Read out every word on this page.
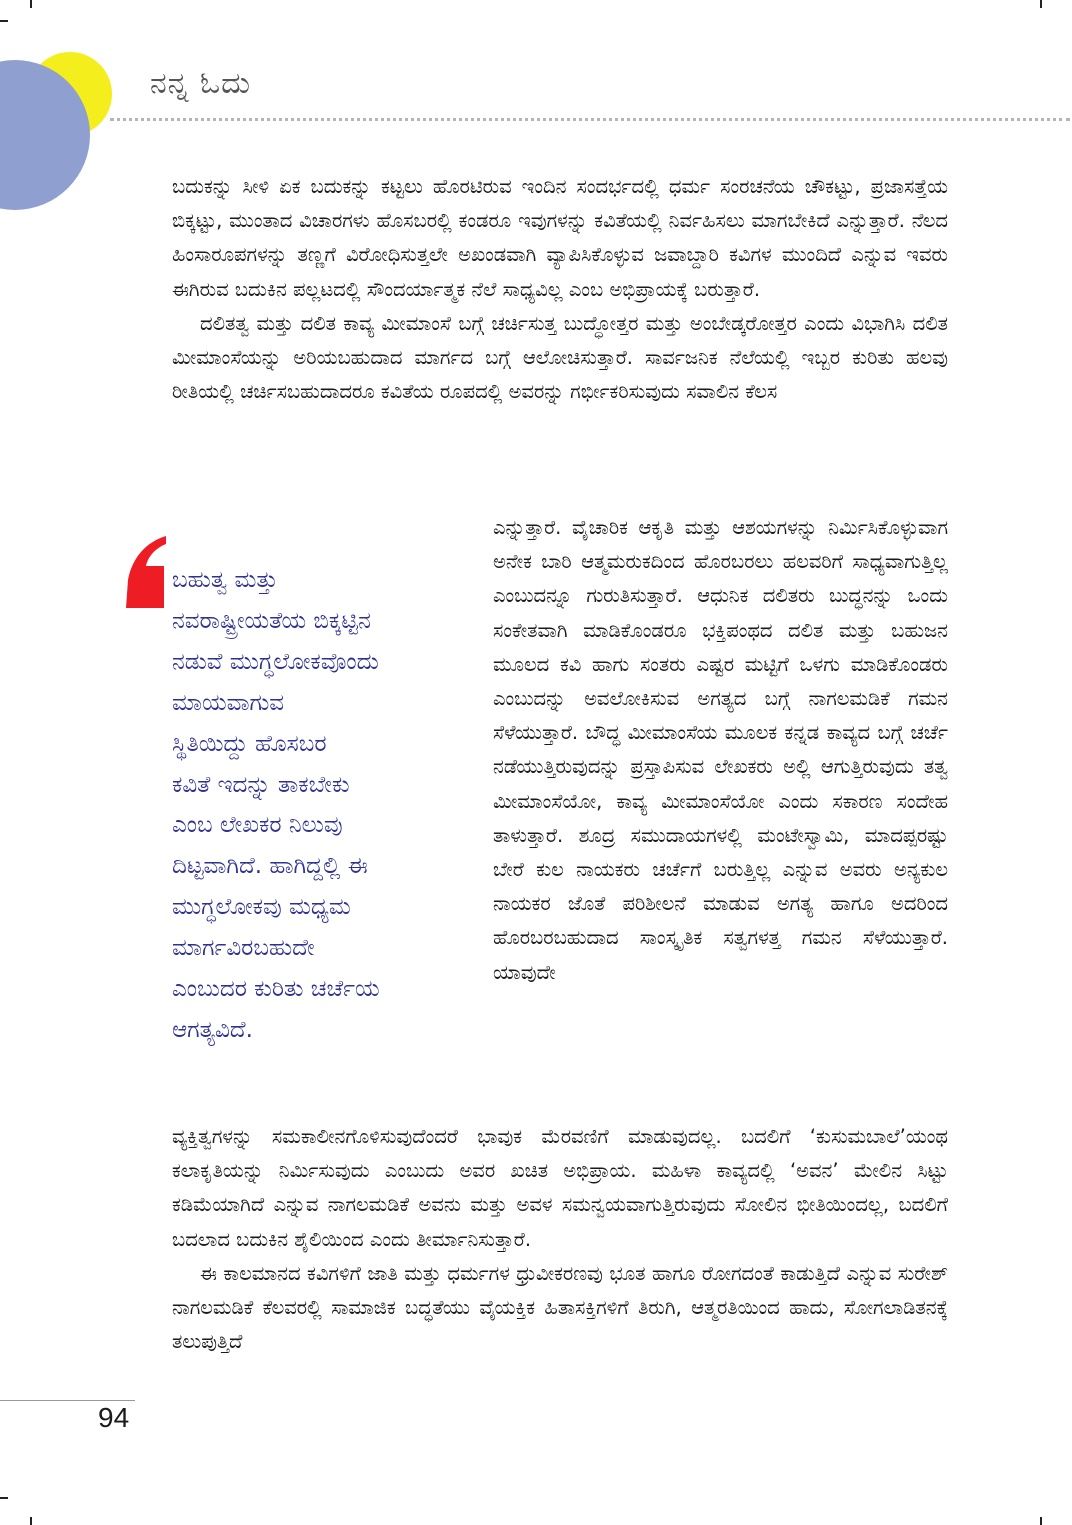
ನನ್ನ ಓದು

ಬದುಕನ್ನು ಸೀಳಿ ಏಕ ಬದುಕನ್ನು ಕಟ್ಟಲು ಹೊರಟಿರುವ ಇಂದಿನ ಸಂದರ್ಭದಲ್ಲಿ ಧರ್ಮ ಸಂರಚನೆಯ ಚೌಕಟ್ಟು, ಪ್ರಜಾಸತ್ತೆಯ ಬಿಕ್ಕಟ್ಟು, ಮುಂತಾದ ವಿಚಾರಗಳು ಹೊಸಬರಲ್ಲಿ ಕಂಡರೂ ಇವುಗಳನ್ನು ಕವಿತೆಯಲ್ಲಿ ನಿರ್ವಹಿಸಲು ಮಾಗಬೇಕಿದೆ ಎನ್ನುತ್ತಾರೆ. ನೆಲದ ಹಿಂಸಾರೂಪಗಳನ್ನು ತಣ್ಣಗೆ ವಿರೋಧಿಸುತ್ತಲೇ ಅಖಂಡವಾಗಿ ವ್ಯಾಪಿಸಿಕೊಳ್ಳುವ ಜವಾಬ್ದಾರಿ ಕವಿಗಳ ಮುಂದಿದೆ ಎನ್ನುವ ಇವರು ಈಗಿರುವ ಬದುಕಿನ ಪಲ್ಲಟದಲ್ಲಿ ಸೌಂದರ್ಯಾತ್ಮಕ ನೆಲೆ ಸಾಧ್ಯವಿಲ್ಲ ಎಂಬ ಅಭಿಪ್ರಾಯಕ್ಕೆ ಬರುತ್ತಾರೆ.

ದಲಿತತ್ವ ಮತ್ತು ದಲಿತ ಕಾವ್ಯ ಮೀಮಾಂಸೆ ಬಗ್ಗೆ ಚರ್ಚಿಸುತ್ತ ಬುದ್ಧೋತ್ತರ ಮತ್ತು ಅಂಬೇಡ್ಕರೋತ್ತರ ಎಂದು ವಿಭಾಗಿಸಿ ದಲಿತ ಮೀಮಾಂಸೆಯನ್ನು ಅರಿಯಬಹುದಾದ ಮಾರ್ಗದ ಬಗ್ಗೆ ಆಲೋಚಿಸುತ್ತಾರೆ. ಸಾರ್ವಜನಿಕ ನೆಲೆಯಲ್ಲಿ ಇಬ್ಬರ ಕುರಿತು ಹಲವು ರೀತಿಯಲ್ಲಿ ಚರ್ಚಿಸಬಹುದಾದರೂ ಕವಿತೆಯ ರೂಪದಲ್ಲಿ ಅವರನ್ನು ಗರ್ಭೀಕರಿಸುವುದು ಸವಾಲಿನ ಕೆಲಸ

ಬಹುತ್ವ ಮತ್ತು
ನವರಾಷ್ಟ್ರೀಯತೆಯ ಬಿಕ್ಕಟ್ಟಿನ
ನಡುವೆ ಮುಗ್ಧಲೋಕವೊಂದು
ಮಾಯವಾಗುವ
ಸ್ಥಿತಿಯಿದ್ದು ಹೊಸಬರ
ಕವಿತೆ ಇದನ್ನು ತಾಕಬೇಕು
ಎಂಬ ಲೇಖಕರ ನಿಲುವು
ದಿಟ್ಟವಾಗಿದೆ. ಹಾಗಿದ್ದಲ್ಲಿ ಈ
ಮುಗ್ಧಲೋಕವು ಮಧ್ಯಮ
ಮಾರ್ಗವಿರಬಹುದೇ
ಎಂಬುದರ ಕುರಿತು ಚರ್ಚೆಯ
ಆಗತ್ಯವಿದೆ.

ಎನ್ನುತ್ತಾರೆ. ವೈಚಾರಿಕ ಆಕೃತಿ ಮತ್ತು ಆಶಯಗಳನ್ನು ನಿರ್ಮಿಸಿಕೊಳ್ಳುವಾಗ ಅನೇಕ ಬಾರಿ ಆತ್ಮಮರುಕದಿಂದ ಹೊರಬರಲು ಹಲವರಿಗೆ ಸಾಧ್ಯವಾಗುತ್ತಿಲ್ಲ ಎಂಬುದನ್ನೂ ಗುರುತಿಸುತ್ತಾರೆ. ಆಧುನಿಕ ದಲಿತರು ಬುದ್ಧನನ್ನು ಒಂದು ಸಂಕೇತವಾಗಿ ಮಾಡಿಕೊಂಡರೂ ಭಕ್ತಿಪಂಥದ ದಲಿತ ಮತ್ತು ಬಹುಜನ ಮೂಲದ ಕವಿ ಹಾಗು ಸಂತರು ಎಷ್ಟರ ಮಟ್ಟಿಗೆ ಒಳಗು ಮಾಡಿಕೊಂಡರು ಎಂಬುದನ್ನು ಅವಲೋಕಿಸುವ ಅಗತ್ಯದ ಬಗ್ಗೆ ನಾಗಲಮಡಿಕೆ ಗಮನ ಸೆಳೆಯುತ್ತಾರೆ. ಬೌದ್ಧ ಮೀಮಾಂಸೆಯ ಮೂಲಕ ಕನ್ನಡ ಕಾವ್ಯದ ಬಗ್ಗೆ ಚರ್ಚೆ ನಡೆಯುತ್ತಿರುವುದನ್ನು ಪ್ರಸ್ತಾಪಿಸುವ ಲೇಖಕರು ಅಲ್ಲಿ ಆಗುತ್ತಿರುವುದು ತತ್ವ ಮೀಮಾಂಸೆಯೋ, ಕಾವ್ಯ ಮೀಮಾಂಸೆಯೋ ಎಂದು ಸಕಾರಣ ಸಂದೇಹ ತಾಳುತ್ತಾರೆ. ಶೂದ್ರ ಸಮುದಾಯಗಳಲ್ಲಿ ಮಂಟೇಸ್ವಾಮಿ, ಮಾದಪ್ಪರಷ್ಟು ಬೇರೆ ಕುಲ ನಾಯಕರು ಚರ್ಚೆಗೆ ಬರುತ್ತಿಲ್ಲ ಎನ್ನುವ ಅವರು ಅನ್ಯಕುಲ ನಾಯಕರ ಜೊತೆ ಪರಿಶೀಲನೆ ಮಾಡುವ ಅಗತ್ಯ ಹಾಗೂ ಅದರಿಂದ ಹೊರಬರಬಹುದಾದ ಸಾಂಸ್ಕೃತಿಕ ಸತ್ವಗಳತ್ತ ಗಮನ ಸೆಳೆಯುತ್ತಾರೆ. ಯಾವುದೇ

ವ್ಯಕ್ತಿತ್ವಗಳನ್ನು ಸಮಕಾಲೀನಗೊಳಿಸುವುದೆಂದರೆ ಭಾವುಕ ಮೆರವಣಿಗೆ ಮಾಡುವುದಲ್ಲ. ಬದಲಿಗೆ ‘ಕುಸುಮಬಾಲೆ’ಯಂಥ ಕಲಾಕೃತಿಯನ್ನು ನಿರ್ಮಿಸುವುದು ಎಂಬುದು ಅವರ ಖಚಿತ ಅಭಿಪ್ರಾಯ. ಮಹಿಳಾ ಕಾವ್ಯದಲ್ಲಿ ‘ಅವನ’ ಮೇಲಿನ ಸಿಟ್ಟು ಕಡಿಮೆಯಾಗಿದೆ ಎನ್ನುವ ನಾಗಲಮಡಿಕೆ ಅವನು ಮತ್ತು ಅವಳ ಸಮನ್ವಯವಾಗುತ್ತಿರುವುದು ಸೋಲಿನ ಭೀತಿಯಿಂದಲ್ಲ, ಬದಲಿಗೆ ಬದಲಾದ ಬದುಕಿನ ಶೈಲಿಯಿಂದ ಎಂದು ತೀರ್ಮಾನಿಸುತ್ತಾರೆ.

ಈ ಕಾಲಮಾನದ ಕವಿಗಳಿಗೆ ಜಾತಿ ಮತ್ತು ಧರ್ಮಗಳ ಧ್ರುವೀಕರಣವು ಭೂತ ಹಾಗೂ ರೋಗದಂತೆ ಕಾಡುತ್ತಿದೆ ಎನ್ನುವ ಸುರೇಶ್ ನಾಗಲಮಡಿಕೆ ಕೆಲವರಲ್ಲಿ ಸಾಮಾಜಿಕ ಬದ್ಧತೆಯು ವೈಯಕ್ತಿಕ ಹಿತಾಸಕ್ತಿಗಳಿಗೆ ತಿರುಗಿ, ಆತ್ಮರತಿಯಿಂದ ಹಾದು, ಸೋಗಲಾಡಿತನಕ್ಕೆ ತಲುಪುತ್ತಿದೆ

94
